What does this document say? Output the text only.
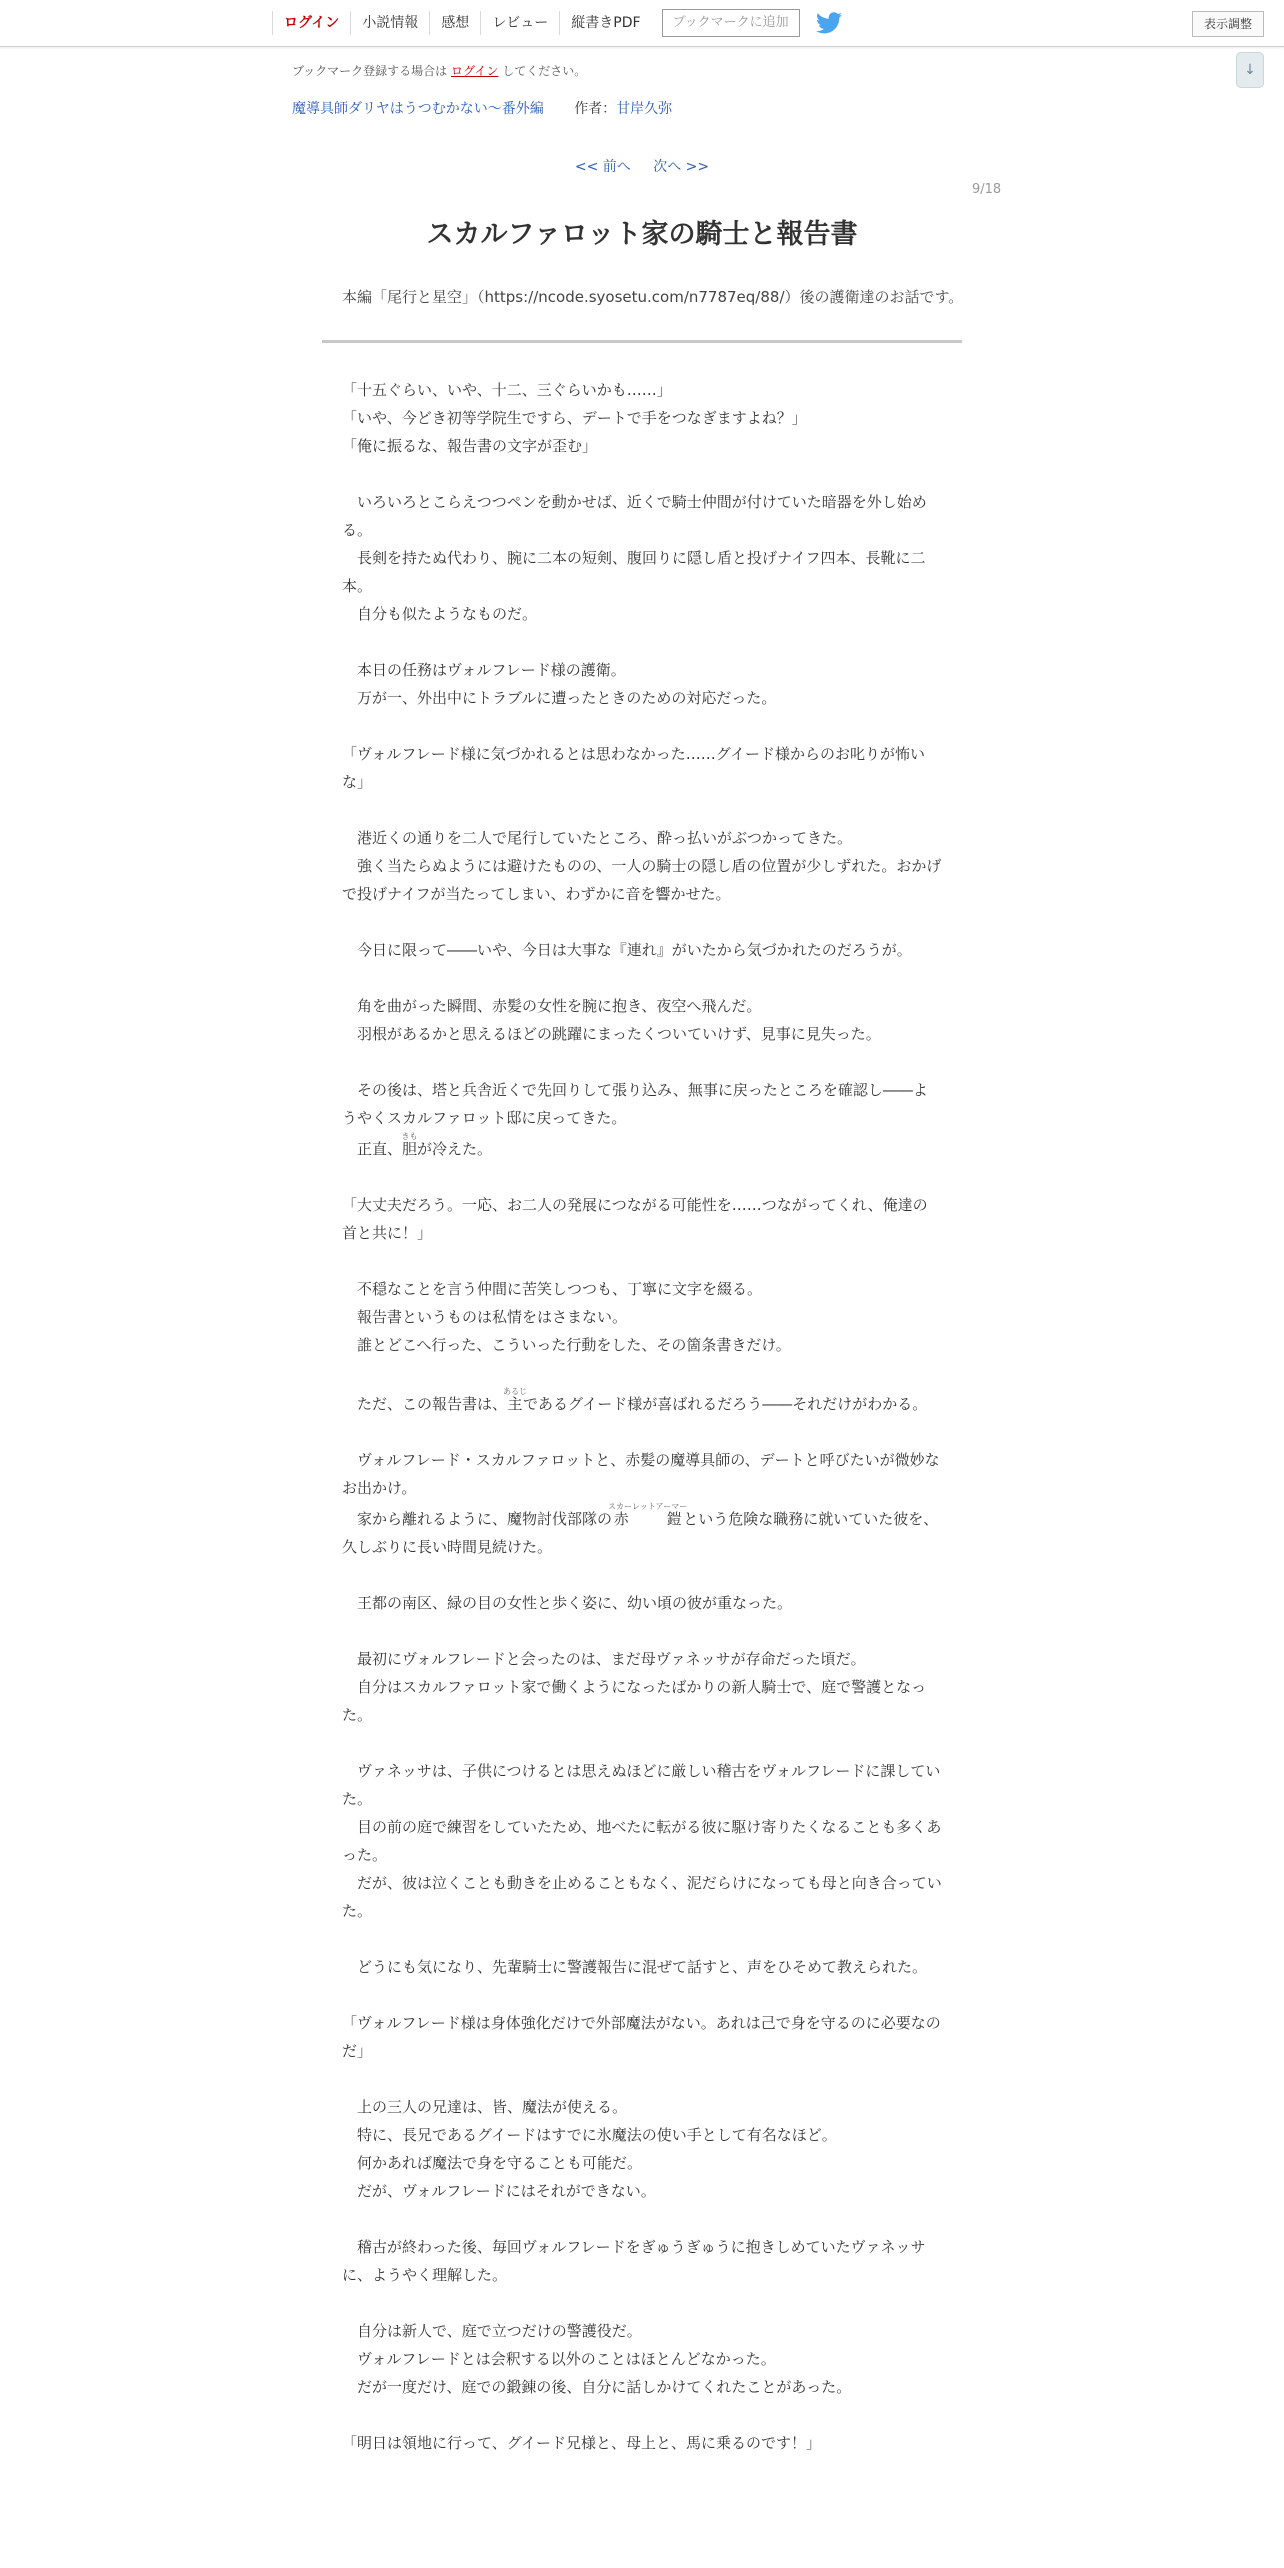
ログイン	小説情報	感想	レビュー	縦書きPDF	ブックマークに追加	表示調整
↓
ブックマーク登録する場合は ログイン してください。
魔導具師ダリヤはうつむかない～番外編 作者：甘岸久弥
<< 前へ 次へ >>
9/18
スカルファロット家の騎士と報告書
本編「尾行と星空」（https://ncode.syosetu.com/n7787eq/88/）後の護衛達のお話です。
「十五ぐらい、いや、十二、三ぐらいかも……」
「いや、今どき初等学院生ですら、デートで手をつなぎますよね？」
「俺に振るな、報告書の文字が歪む」
　いろいろとこらえつつペンを動かせば、近くで騎士仲間が付けていた暗器を外し始める。
　長剣を持たぬ代わり、腕に二本の短剣、腹回りに隠し盾と投げナイフ四本、長靴に二本。
　自分も似たようなものだ。
　本日の任務はヴォルフレード様の護衛。
　万が一、外出中にトラブルに遭ったときのための対応だった。
「ヴォルフレード様に気づかれるとは思わなかった……グイード様からのお叱りが怖いな」
　港近くの通りを二人で尾行していたところ、酔っ払いがぶつかってきた。
　強く当たらぬようには避けたものの、一人の騎士の隠し盾の位置が少しずれた。おかげで投げナイフが当たってしまい、わずかに音を響かせた。
　今日に限って――いや、今日は大事な『連れ』がいたから気づかれたのだろうが。
　角を曲がった瞬間、赤髪の女性を腕に抱き、夜空へ飛んだ。
　羽根があるかと思えるほどの跳躍にまったくついていけず、見事に見失った。
　その後は、塔と兵舎近くで先回りして張り込み、無事に戻ったところを確認し――ようやくスカルファロット邸に戻ってきた。
　正直、胆きもが冷えた。
「大丈夫だろう。一応、お二人の発展につながる可能性を……つながってくれ、俺達の首と共に！」
　不穏なことを言う仲間に苦笑しつつも、丁寧に文字を綴る。
　報告書というものは私情をはさまない。
　誰とどこへ行った、こういった行動をした、その箇条書きだけ。
　ただ、この報告書は、主あるじであるグイード様が喜ばれるだろう――それだけがわかる。
　ヴォルフレード・スカルファロットと、赤髪の魔導具師の、デートと呼びたいが微妙なお出かけ。
　家から離れるように、魔物討伐部隊の赤　鎧スカーレットアーマーという危険な職務に就いていた彼を、久しぶりに長い時間見続けた。
　王都の南区、緑の目の女性と歩く姿に、幼い頃の彼が重なった。
　最初にヴォルフレードと会ったのは、まだ母ヴァネッサが存命だった頃だ。
　自分はスカルファロット家で働くようになったばかりの新人騎士で、庭で警護となった。
　ヴァネッサは、子供につけるとは思えぬほどに厳しい稽古をヴォルフレードに課していた。
　目の前の庭で練習をしていたため、地べたに転がる彼に駆け寄りたくなることも多くあった。
　だが、彼は泣くことも動きを止めることもなく、泥だらけになっても母と向き合っていた。
　どうにも気になり、先輩騎士に警護報告に混ぜて話すと、声をひそめて教えられた。
「ヴォルフレード様は身体強化だけで外部魔法がない。あれは己で身を守るのに必要なのだ」
　上の三人の兄達は、皆、魔法が使える。
　特に、長兄であるグイードはすでに氷魔法の使い手として有名なほど。
　何かあれば魔法で身を守ることも可能だ。
　だが、ヴォルフレードにはそれができない。
　稽古が終わった後、毎回ヴォルフレードをぎゅうぎゅうに抱きしめていたヴァネッサに、ようやく理解した。
　自分は新人で、庭で立つだけの警護役だ。
　ヴォルフレードとは会釈する以外のことはほとんどなかった。
　だが一度だけ、庭での鍛錬の後、自分に話しかけてくれたことがあった。
「明日は領地に行って、グイード兄様と、母上と、馬に乗るのです！」
